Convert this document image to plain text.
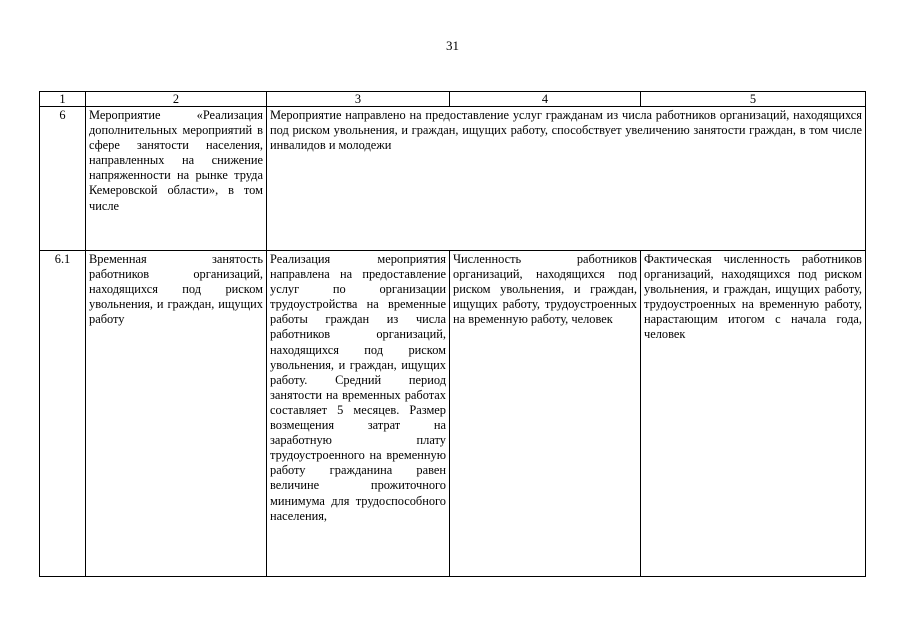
31
1	2	3	4	5
6	Мероприятие «Реализация дополнительных мероприятий в сфере занятости населения, направленных на снижение напряженности на рынке труда Кемеровской области», в том числе	Мероприятие направлено на предоставление услуг гражданам из числа работников организаций, находящихся под риском увольнения, и граждан, ищущих работу, способствует увеличению занятости граждан, в том числе инвалидов и молодежи		
6.1	Временная занятость работников организаций, находящихся под риском увольнения, и граждан, ищущих работу	Реализация мероприятия направлена на предоставление услуг по организации трудоустройства на временные работы граждан из числа работников организаций, находящихся под риском увольнения, и граждан, ищущих работу. Средний период занятости на временных работах составляет 5 месяцев. Размер возмещения затрат на заработную плату трудоустроенного на временную работу гражданина равен величине прожиточного минимума для трудоспособного населения,	Численность работников организаций, находящихся под риском увольнения, и граждан, ищущих работу, трудоустроенных на временную работу, человек	Фактическая численность работников организаций, находящихся под риском увольнения, и граждан, ищущих работу, трудоустроенных на временную работу, нарастающим итогом с начала года, человек
